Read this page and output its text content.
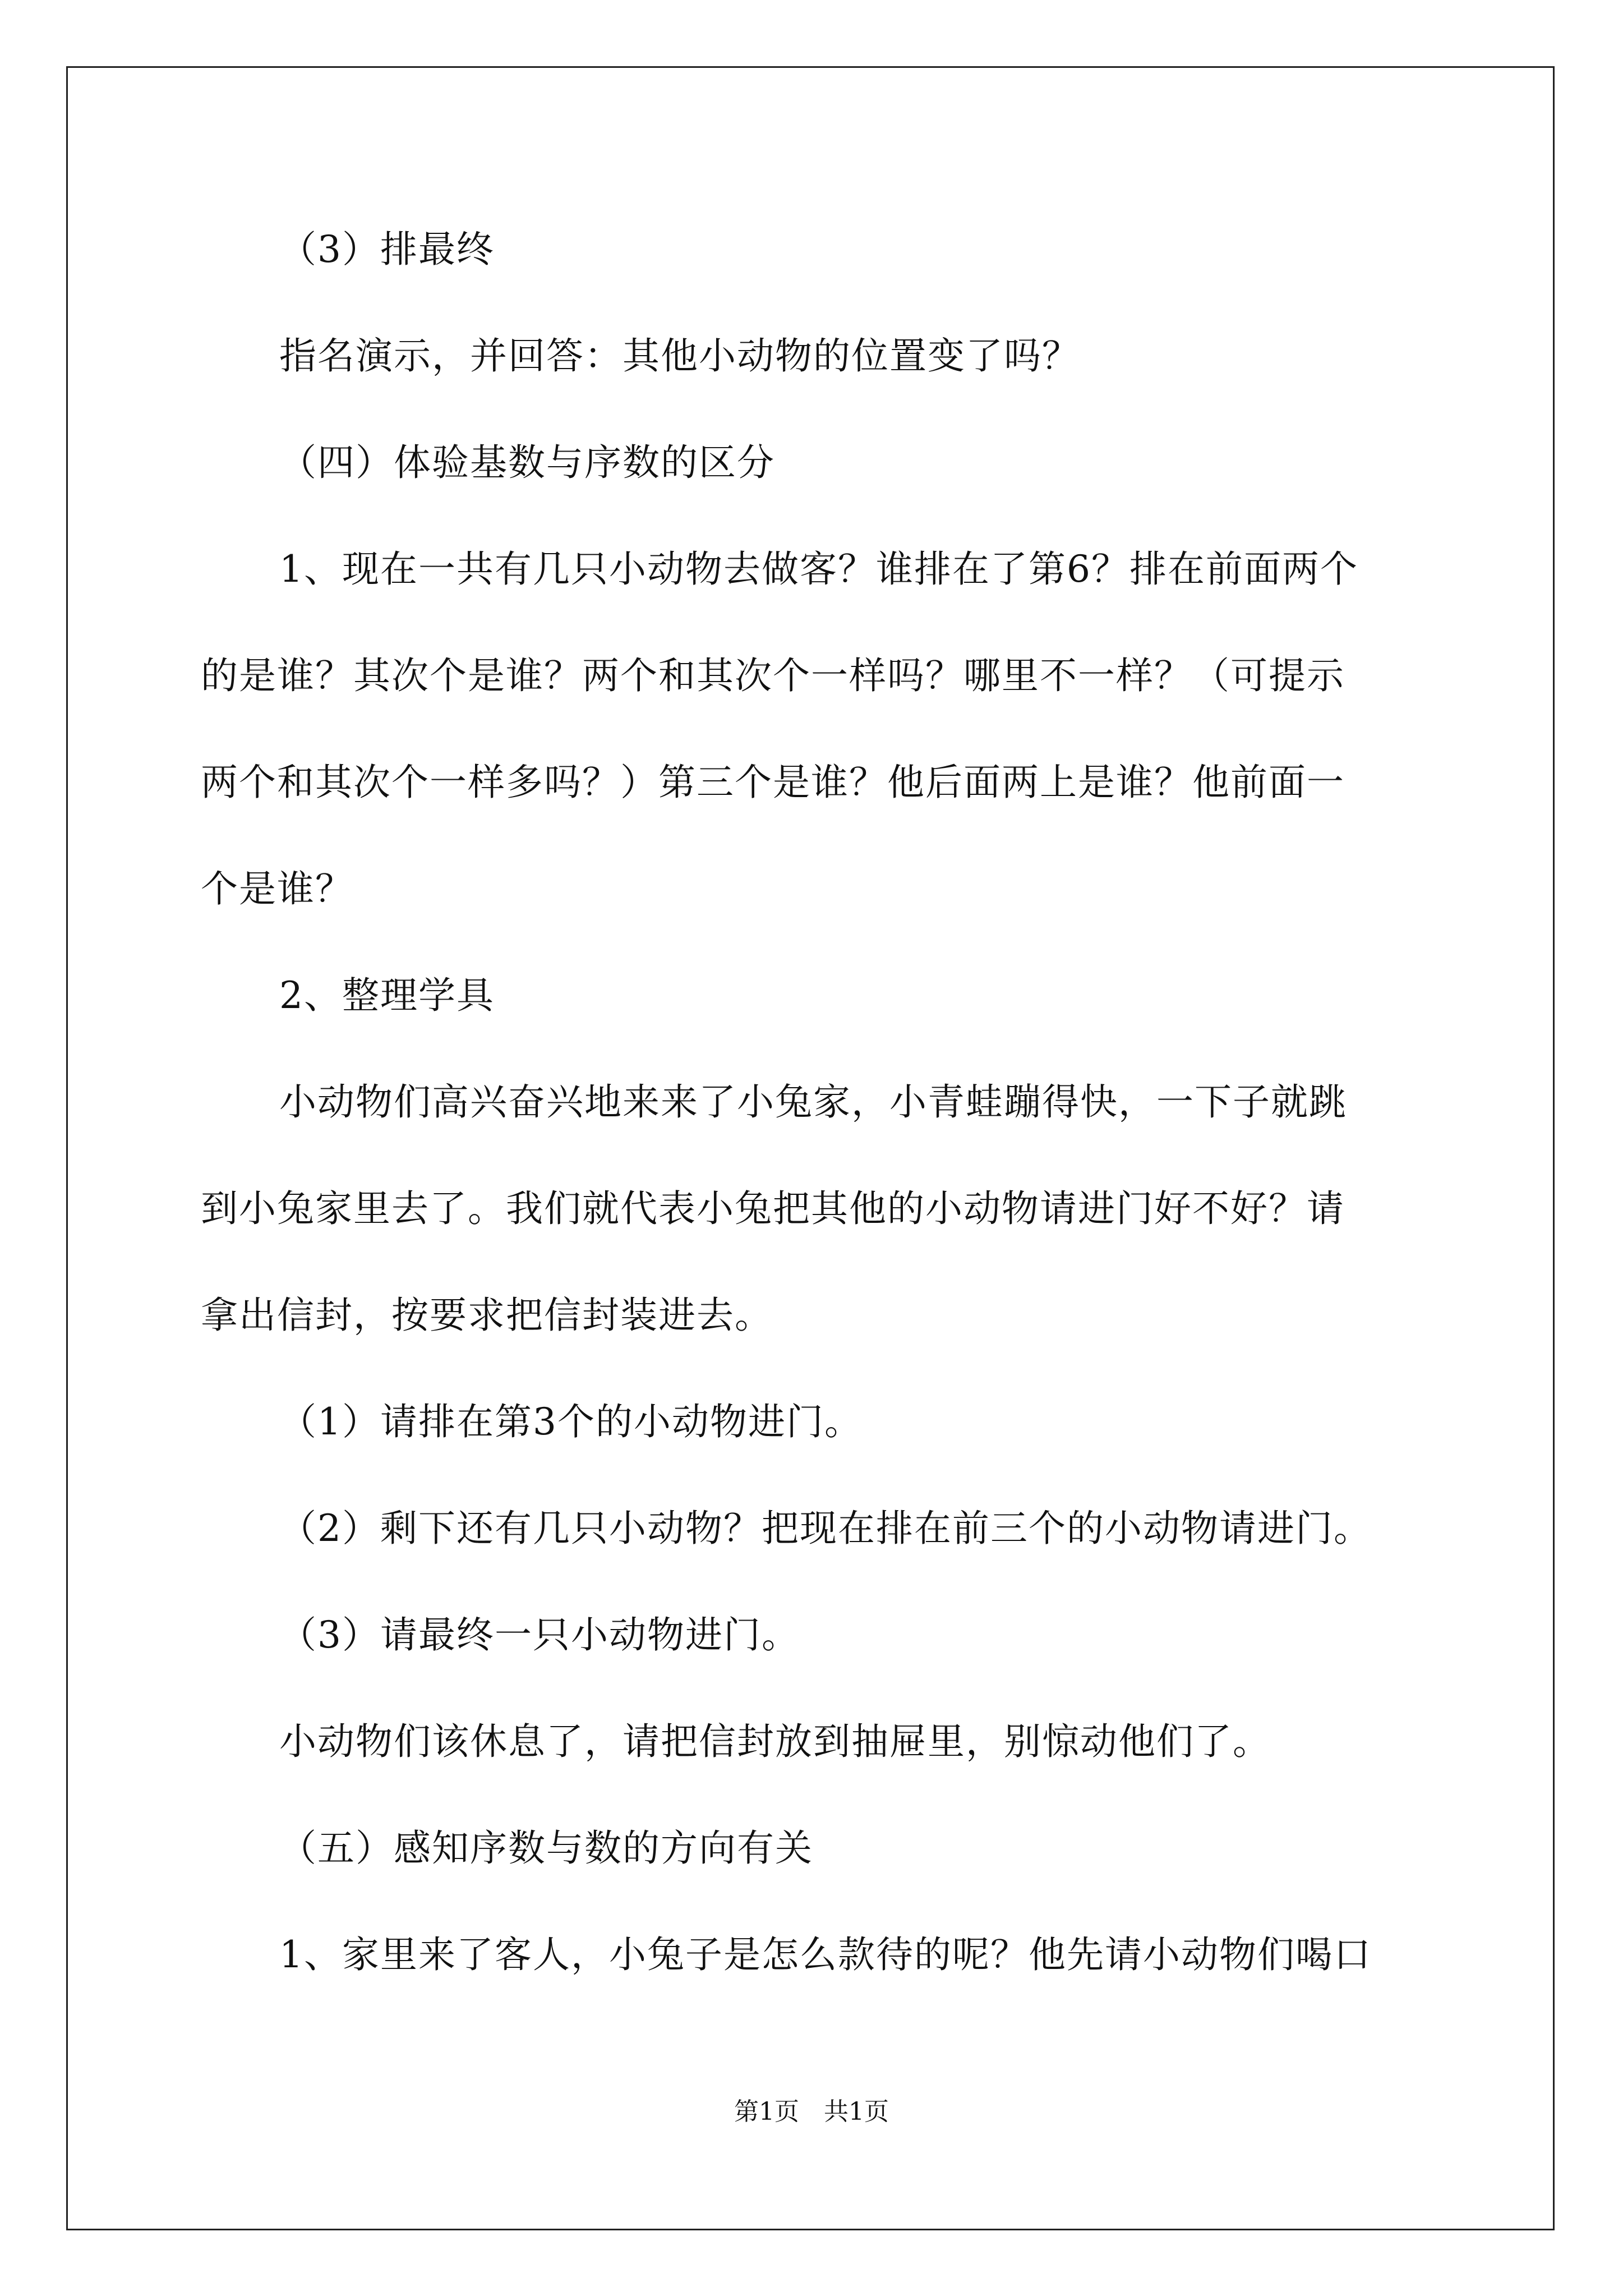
（3）排最终
指名演示，并回答：其他小动物的位置变了吗？
（四）体验基数与序数的区分
1、现在一共有几只小动物去做客？谁排在了第6？排在前面两个
的是谁？其次个是谁？两个和其次个一样吗？哪里不一样？（可提示
两个和其次个一样多吗？）第三个是谁？他后面两上是谁？他前面一
个是谁？
2、整理学具
小动物们高兴奋兴地来来了小兔家，小青蛙蹦得快，一下子就跳
到小兔家里去了。我们就代表小兔把其他的小动物请进门好不好？请
拿出信封，按要求把信封装进去。
（1）请排在第3个的小动物进门。
（2）剩下还有几只小动物？把现在排在前三个的小动物请进门。
（3）请最终一只小动物进门。
小动物们该休息了，请把信封放到抽屉里，别惊动他们了。
（五）感知序数与数的方向有关
1、家里来了客人，小兔子是怎么款待的呢？他先请小动物们喝口
第1页　共1页
